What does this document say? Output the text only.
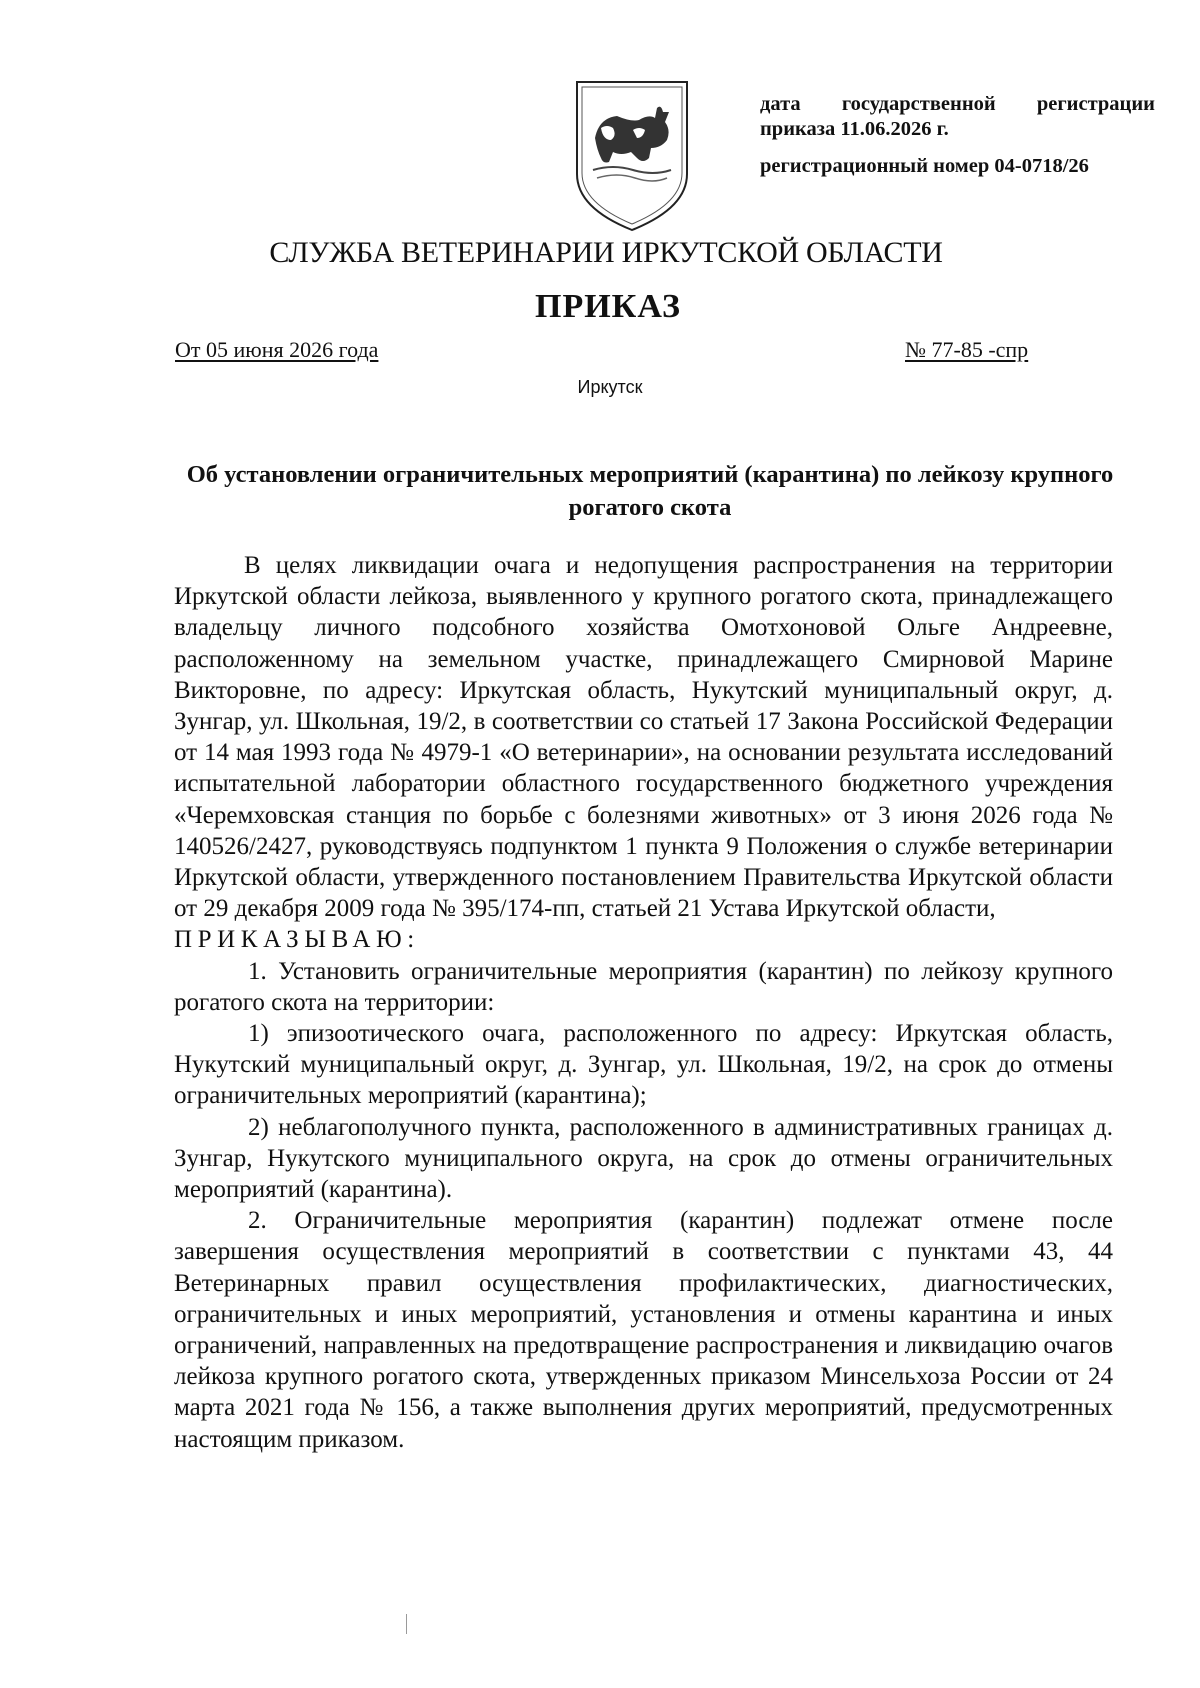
дата государственной регистрации
приказа 11.06.2026 г.
регистрационный номер 04-0718/26
СЛУЖБА ВЕТЕРИНАРИИ ИРКУТСКОЙ ОБЛАСТИ
ПРИКАЗ
От 05 июня 2026 года	№ 77-85 -спр
Иркутск
Об установлении ограничительных мероприятий (карантина) по лейкозу крупного рогатого скота

В целях ликвидации очага и недопущения распространения на территории Иркутской области лейкоза, выявленного у крупного рогатого скота, принадлежащего владельцу личного подсобного хозяйства Омотхоновой Ольге Андреевне, расположенному на земельном участке, принадлежащего Смирновой Марине Викторовне, по адресу: Иркутская область, Нукутский муниципальный округ, д. Зунгар, ул. Школьная, 19/2, в соответствии со статьей 17 Закона Российской Федерации от 14 мая 1993 года № 4979-1 «О ветеринарии», на основании результата исследований испытательной лаборатории областного государственного бюджетного учреждения «Черемховская станция по борьбе с болезнями животных» от 3 июня 2026 года № 140526/2427, руководствуясь подпунктом 1 пункта 9 Положения о службе ветеринарии Иркутской области, утвержденного постановлением Правительства Иркутской области от 29 декабря 2009 года № 395/174-пп, статьей 21 Устава Иркутской области,

ПРИКАЗЫВАЮ:

1. Установить ограничительные мероприятия (карантин) по лейкозу крупного рогатого скота на территории:

1) эпизоотического очага, расположенного по адресу: Иркутская область, Нукутский муниципальный округ, д. Зунгар, ул. Школьная, 19/2, на срок до отмены ограничительных мероприятий (карантина);

2) неблагополучного пункта, расположенного в административных границах д. Зунгар, Нукутского муниципального округа, на срок до отмены ограничительных мероприятий (карантина).

2. Ограничительные мероприятия (карантин) подлежат отмене после завершения осуществления мероприятий в соответствии с пунктами 43, 44 Ветеринарных правил осуществления профилактических, диагностических, ограничительных и иных мероприятий, установления и отмены карантина и иных ограничений, направленных на предотвращение распространения и ликвидацию очагов лейкоза крупного рогатого скота, утвержденных приказом Минсельхоза России от 24 марта 2021 года № 156, а также выполнения других мероприятий, предусмотренных настоящим приказом.
